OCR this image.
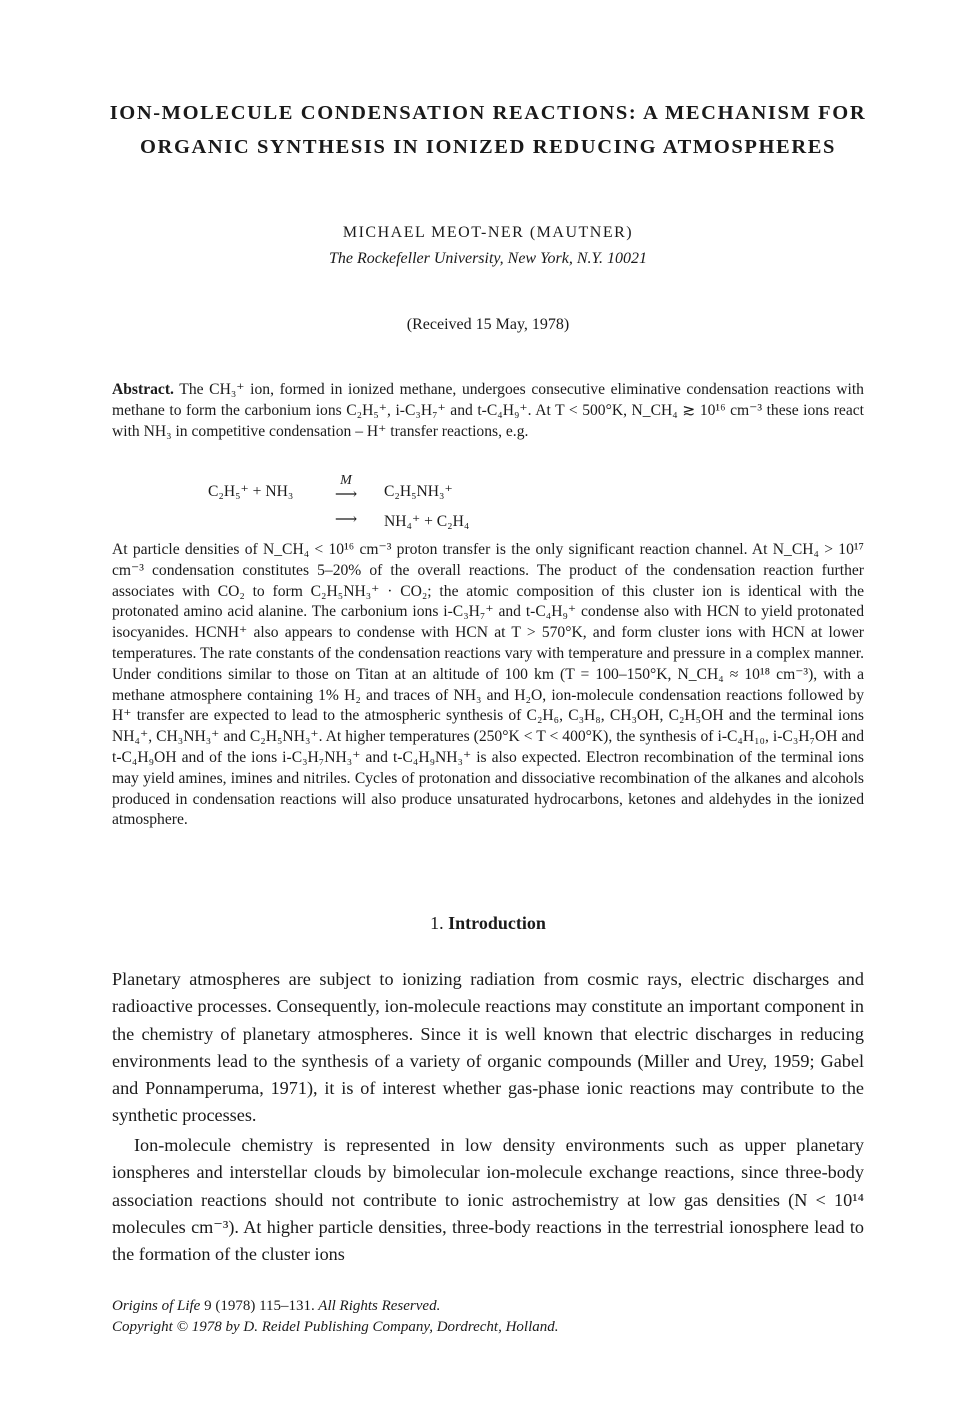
ION-MOLECULE CONDENSATION REACTIONS: A MECHANISM FOR
ORGANIC SYNTHESIS IN IONIZED REDUCING ATMOSPHERES
MICHAEL MEOT-NER (MAUTNER)
The Rockefeller University, New York, N.Y. 10021
(Received 15 May, 1978)

Abstract. The CH₃⁺ ion, formed in ionized methane, undergoes consecutive eliminative condensation reactions with methane to form the carbonium ions C₂H₅⁺, i-C₃H₇⁺ and t-C₄H₉⁺. At T < 500°K, N_CH₄ ≳ 10¹⁶ cm⁻³ these ions react with NH₃ in competitive condensation – H⁺ transfer reactions, e.g.

C₂H₅⁺ + NH₃
M
⟶	C₂H₅NH₃⁺
⟶	NH₄⁺ + C₂H₄

At particle densities of N_CH₄ < 10¹⁶ cm⁻³ proton transfer is the only significant reaction channel. At N_CH₄ > 10¹⁷ cm⁻³ condensation constitutes 5–20% of the overall reactions. The product of the condensation reaction further associates with CO₂ to form C₂H₅NH₃⁺ · CO₂; the atomic composition of this cluster ion is identical with the protonated amino acid alanine. The carbonium ions i-C₃H₇⁺ and t-C₄H₉⁺ condense also with HCN to yield protonated isocyanides. HCNH⁺ also appears to condense with HCN at T > 570°K, and form cluster ions with HCN at lower temperatures. The rate constants of the condensation reactions vary with temperature and pressure in a complex manner. Under conditions similar to those on Titan at an altitude of 100 km (T = 100–150°K, N_CH₄ ≈ 10¹⁸ cm⁻³), with a methane atmosphere containing 1% H₂ and traces of NH₃ and H₂O, ion-molecule condensation reactions followed by H⁺ transfer are expected to lead to the atmospheric synthesis of C₂H₆, C₃H₈, CH₃OH, C₂H₅OH and the terminal ions NH₄⁺, CH₃NH₃⁺ and C₂H₅NH₃⁺. At higher temperatures (250°K < T < 400°K), the synthesis of i-C₄H₁₀, i-C₃H₇OH and t-C₄H₉OH and of the ions i-C₃H₇NH₃⁺ and t-C₄H₉NH₃⁺ is also expected. Electron recombination of the terminal ions may yield amines, imines and nitriles. Cycles of protonation and dissociative recombination of the alkanes and alcohols produced in condensation reactions will also produce unsaturated hydrocarbons, ketones and aldehydes in the ionized atmosphere.

1. Introduction

Planetary atmospheres are subject to ionizing radiation from cosmic rays, electric discharges and radioactive processes. Consequently, ion-molecule reactions may constitute an important component in the chemistry of planetary atmospheres. Since it is well known that electric discharges in reducing environments lead to the synthesis of a variety of organic compounds (Miller and Urey, 1959; Gabel and Ponnamperuma, 1971), it is of interest whether gas-phase ionic reactions may contribute to the synthetic processes.

Ion-molecule chemistry is represented in low density environments such as upper planetary ionspheres and interstellar clouds by bimolecular ion-molecule exchange reactions, since three-body association reactions should not contribute to ionic astrochemistry at low gas densities (N < 10¹⁴ molecules cm⁻³). At higher particle densities, three-body reactions in the terrestrial ionosphere lead to the formation of the cluster ions

Origins of Life 9 (1978) 115–131. All Rights Reserved.
Copyright © 1978 by D. Reidel Publishing Company, Dordrecht, Holland.
